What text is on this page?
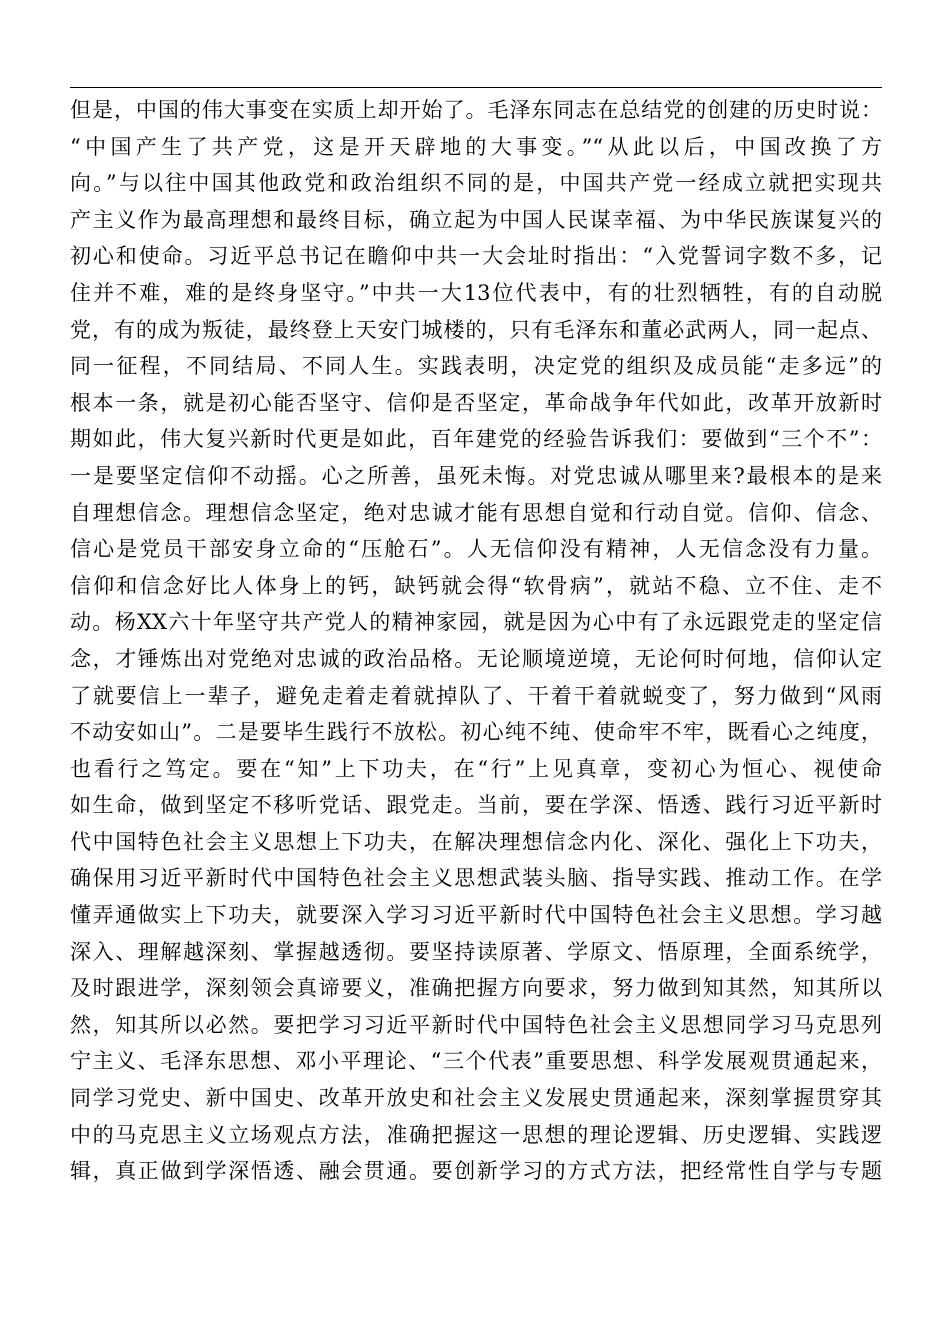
但是，中国的伟大事变在实质上却开始了。毛泽东同志在总结党的创建的历史时说：
“中国产生了共产党，这是开天辟地的大事变。”“从此以后，中国改换了方
向。”与以往中国其他政党和政治组织不同的是，中国共产党一经成立就把实现共
产主义作为最高理想和最终目标，确立起为中国人民谋幸福、为中华民族谋复兴的
初心和使命。习近平总书记在瞻仰中共一大会址时指出：“入党誓词字数不多，记
住并不难，难的是终身坚守。”中共一大13位代表中，有的壮烈牺牲，有的自动脱
党，有的成为叛徒，最终登上天安门城楼的，只有毛泽东和董必武两人，同一起点、
同一征程，不同结局、不同人生。实践表明，决定党的组织及成员能“走多远”的
根本一条，就是初心能否坚守、信仰是否坚定，革命战争年代如此，改革开放新时
期如此，伟大复兴新时代更是如此，百年建党的经验告诉我们：要做到“三个不”：
一是要坚定信仰不动摇。心之所善，虽死未悔。对党忠诚从哪里来?最根本的是来
自理想信念。理想信念坚定，绝对忠诚才能有思想自觉和行动自觉。信仰、信念、
信心是党员干部安身立命的“压舱石”。人无信仰没有精神，人无信念没有力量。
信仰和信念好比人体身上的钙，缺钙就会得“软骨病”，就站不稳、立不住、走不
动。杨XX六十年坚守共产党人的精神家园，就是因为心中有了永远跟党走的坚定信
念，才锤炼出对党绝对忠诚的政治品格。无论顺境逆境，无论何时何地，信仰认定
了就要信上一辈子，避免走着走着就掉队了、干着干着就蜕变了，努力做到“风雨
不动安如山”。二是要毕生践行不放松。初心纯不纯、使命牢不牢，既看心之纯度，
也看行之笃定。要在“知”上下功夫，在“行”上见真章，变初心为恒心、视使命
如生命，做到坚定不移听党话、跟党走。当前，要在学深、悟透、践行习近平新时
代中国特色社会主义思想上下功夫，在解决理想信念内化、深化、强化上下功夫，
确保用习近平新时代中国特色社会主义思想武装头脑、指导实践、推动工作。在学
懂弄通做实上下功夫，就要深入学习习近平新时代中国特色社会主义思想。学习越
深入、理解越深刻、掌握越透彻。要坚持读原著、学原文、悟原理，全面系统学，
及时跟进学，深刻领会真谛要义，准确把握方向要求，努力做到知其然，知其所以
然，知其所以必然。要把学习习近平新时代中国特色社会主义思想同学习马克思列
宁主义、毛泽东思想、邓小平理论、“三个代表”重要思想、科学发展观贯通起来，
同学习党史、新中国史、改革开放史和社会主义发展史贯通起来，深刻掌握贯穿其
中的马克思主义立场观点方法，准确把握这一思想的理论逻辑、历史逻辑、实践逻
辑，真正做到学深悟透、融会贯通。要创新学习的方式方法，把经常性自学与专题
